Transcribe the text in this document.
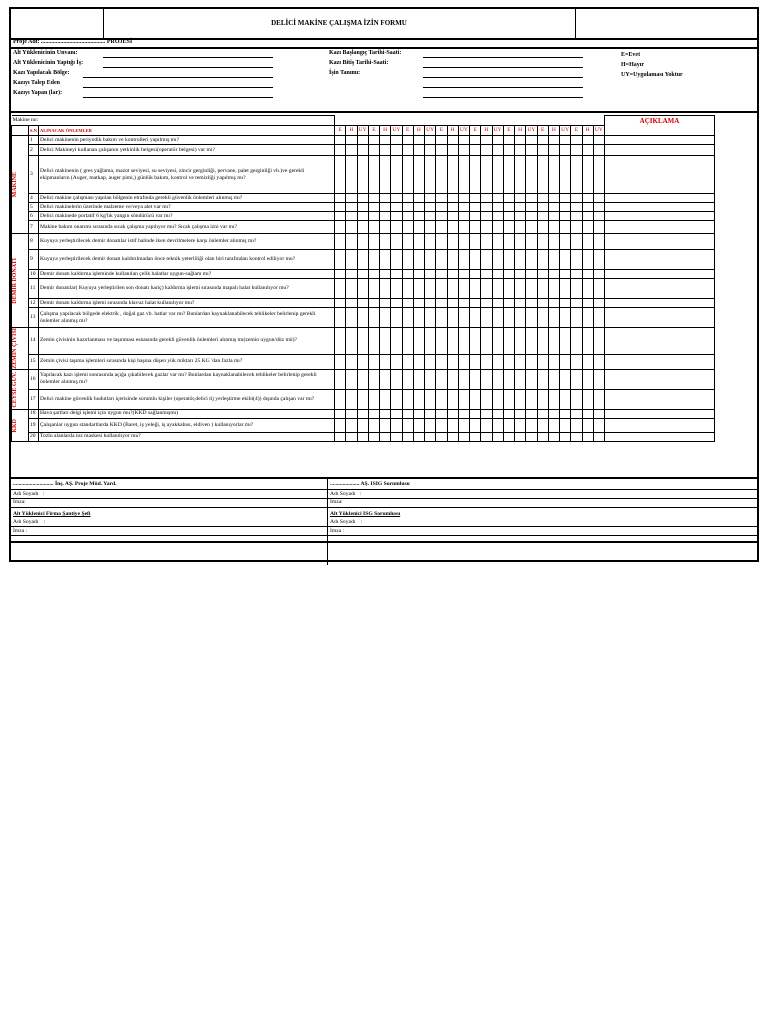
DELİCİ MAKİNE ÇALIŞMA İZİN FORMU
Proje Adı: ........................................... PROJESİ
Alt Yüklenicinin Unvanı:
Alt Yüklenicinin Yaptığı İş:
Kazı Yapılacak Bölge:
Kazıyı Talep Eden
Kazıyı Yapan (lar):
Kazı Başlangıç Tarihi-Saati:
Kazı Bitiş Tarihi-Saati:
İşin Tanımı:
E=Evet
H=Hayır
UY=Uygulaması Yoktur
Makine no:																											AÇIKLAMA
	S.N	ALINACAK ÖNLEMLER	E	H	UY	E	H	UY	E	H	UY	E	H	UY	E	H	UY	E	H	UY	E	H	UY	E	H	UY	

MAKİNE	1	Delici makinenin periyodik bakım ve kontrolleri yapılmış mı?																									
	2	Delici Makineyi kullanan çalışanın yetkinlik belgesi(operatör belgesi) var mı?																									
	3	Delici makinenin ( gres yağlama, mazot seviyesi, su seviyesi, zincir gerginliği, pervane, palet gerginliği vb.)ve gerekli ekipmanların (Auger, matkap, auger pimi,) günlük bakım, kontrol ve temizliği yapılmış mı?																									
	4	Delici makine çalışması yapılan bölgenin etrafında gerekli güvenlik önlemleri alınmış mı?																									
	5	Delici makinelerin üzerinde malzeme ve/veya alet var mı?																									
	6	Delici makinede portatif 6 kg'lık yangın söndürücü var mı?																									
	7	Makine bakım onarımı sırasında sıcak çalışma yapılıyor mu? Sıcak çalışma izni var mı?																									

DEMİR DONATI	8	Kuyuya yerleştirilecek demir donatılar istif halinde iken devrilmelere karşı önlemler alınmış mı?																									
	9	Kuyuya yerleştirilecek demir donatı kaldırılmadan önce teknik yeterliliği olan biri tarafından kontrol ediliyor mu?																									
	10	Demir donatı kaldırma işleminde kullanılan çelik halatlar uygun-sağlam mı?																									
	11	Demir donatılar( Kuyuya yerleştirilen son donatı hariç) kaldırma işlemi sırasında mapalı halat kullanılıyor mu?																									
	12	Demir donatı kaldırma işlemi sırasında klavuz halat kullanılıyor mu?																									
	13	Çalışma yapılacak bölgede elektrik , doğal gaz vb. hatlar var mı? Bunlardan kaynaklanabilecek tehlikeler belirlenip gerekli önlemler alınmış mı?																									

ZEMİN ÇİVİSİ	14	Zemin çivisinin hazırlanması ve taşınması esnasında gerekli güvenlik önlemleri alınmış mı(zemin uygun/düz mü)?																									
	15	Zemin çivisi taşıma işlemleri sırasında kişi başına düşen yük miktarı 25 KG 'dan fazla mı?																									

CEYSE GÜV.	16	Yapılacak kazı işlemi sonrasında açığa çıkabilecek gazlar var mı? Bunlardan kaynaklanabilecek tehlikeler belirlenip gerekli önlemler alınmış mı?																									
	17	Delici makine güvenlik hudutları içerisinde sorumlu kişiler (operatör,delici tij yerleştirme ekibi(4)) dışında çalışan var mı?																									

KKD	18	Hava şartları delgi işlemi için uygun mu?(KKD sağlanmışmı)																									
	19	Çalışanlar uygun standartlarda KKD (Baret, iş yeleği, iş ayakkabısı, eldiven ) kullanıyorlar mı?																									
	20	Tozlu alanlarda toz maskesi kullanılıyor mu?																									
............................. İnş. AŞ. Proje Müd. Yard.
Adı Soyadı :
İmza:
Alt Yüklenici Firma Şantiye Şefi
Adı Soyadı :
İmza :
..................... AŞ. ISIG Sorumlusu
Adı Soyadı :
İmza:
Alt Yüklenici ISG Sorumlusu
Adı Soyadı :
İmza :
